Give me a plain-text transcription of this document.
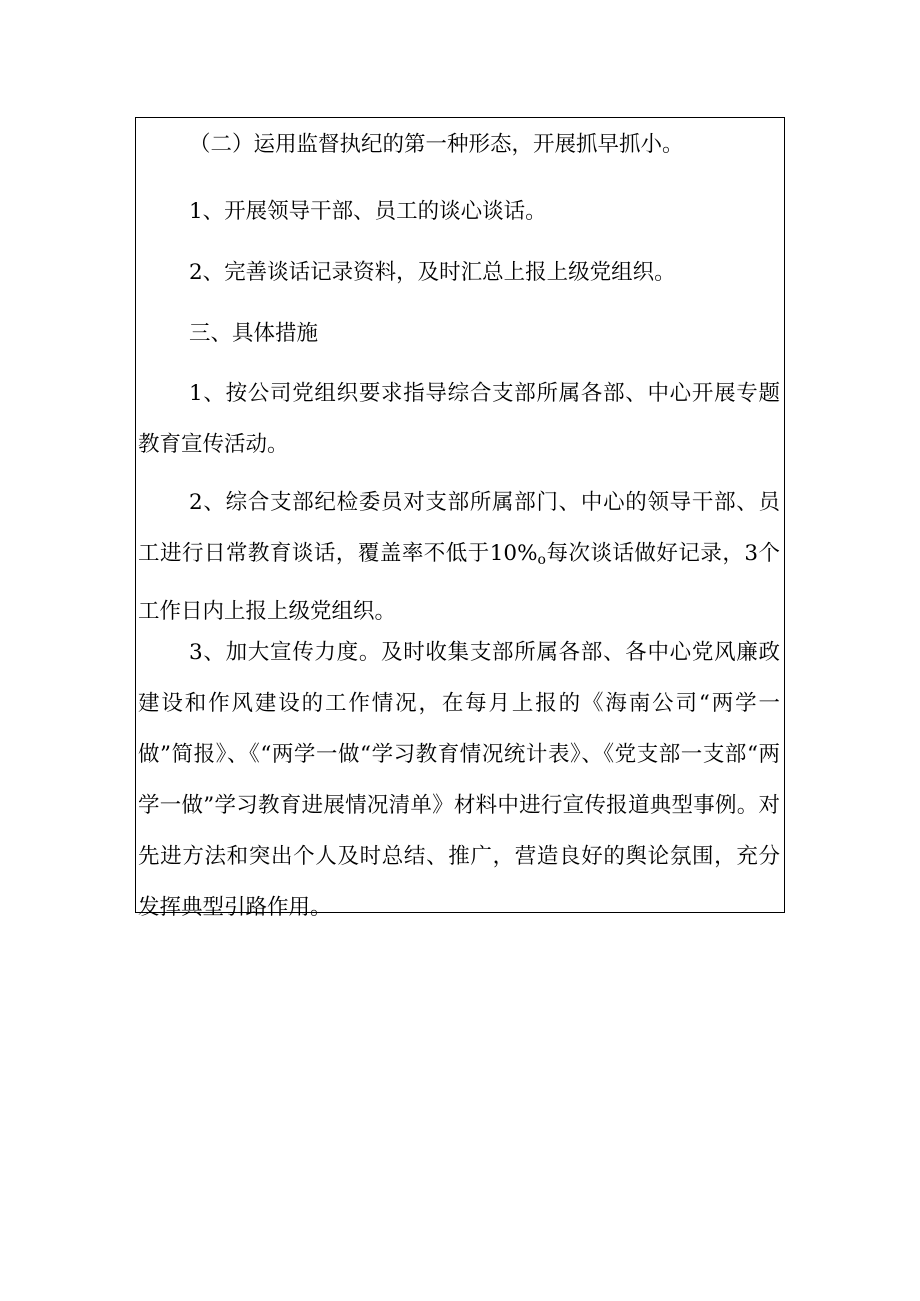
（二）运用监督执纪的第一种形态，开展抓早抓小。

1、开展领导干部、员工的谈心谈话。

2、完善谈话记录资料，及时汇总上报上级党组织。

三、具体措施

1、按公司党组织要求指导综合支部所属各部、中心开展专题教育宣传活动。

2、综合支部纪检委员对支部所属部门、中心的领导干部、员工进行日常教育谈话，覆盖率不低于$10\%_o$每次谈话做好记录，3个工作日内上报上级党组织。

3、加大宣传力度。及时收集支部所属各部、各中心党风廉政建设和作风建设的工作情况，在每月上报的《海南公司“两学一做”简报》、《“两学一做“学习教育情况统计表》、《党支部一支部“两学一做”学习教育进展情况清单》材料中进行宣传报道典型事例。对先进方法和突出个人及时总结、推广，营造良好的舆论氛围，充分发挥典型引路作用。
